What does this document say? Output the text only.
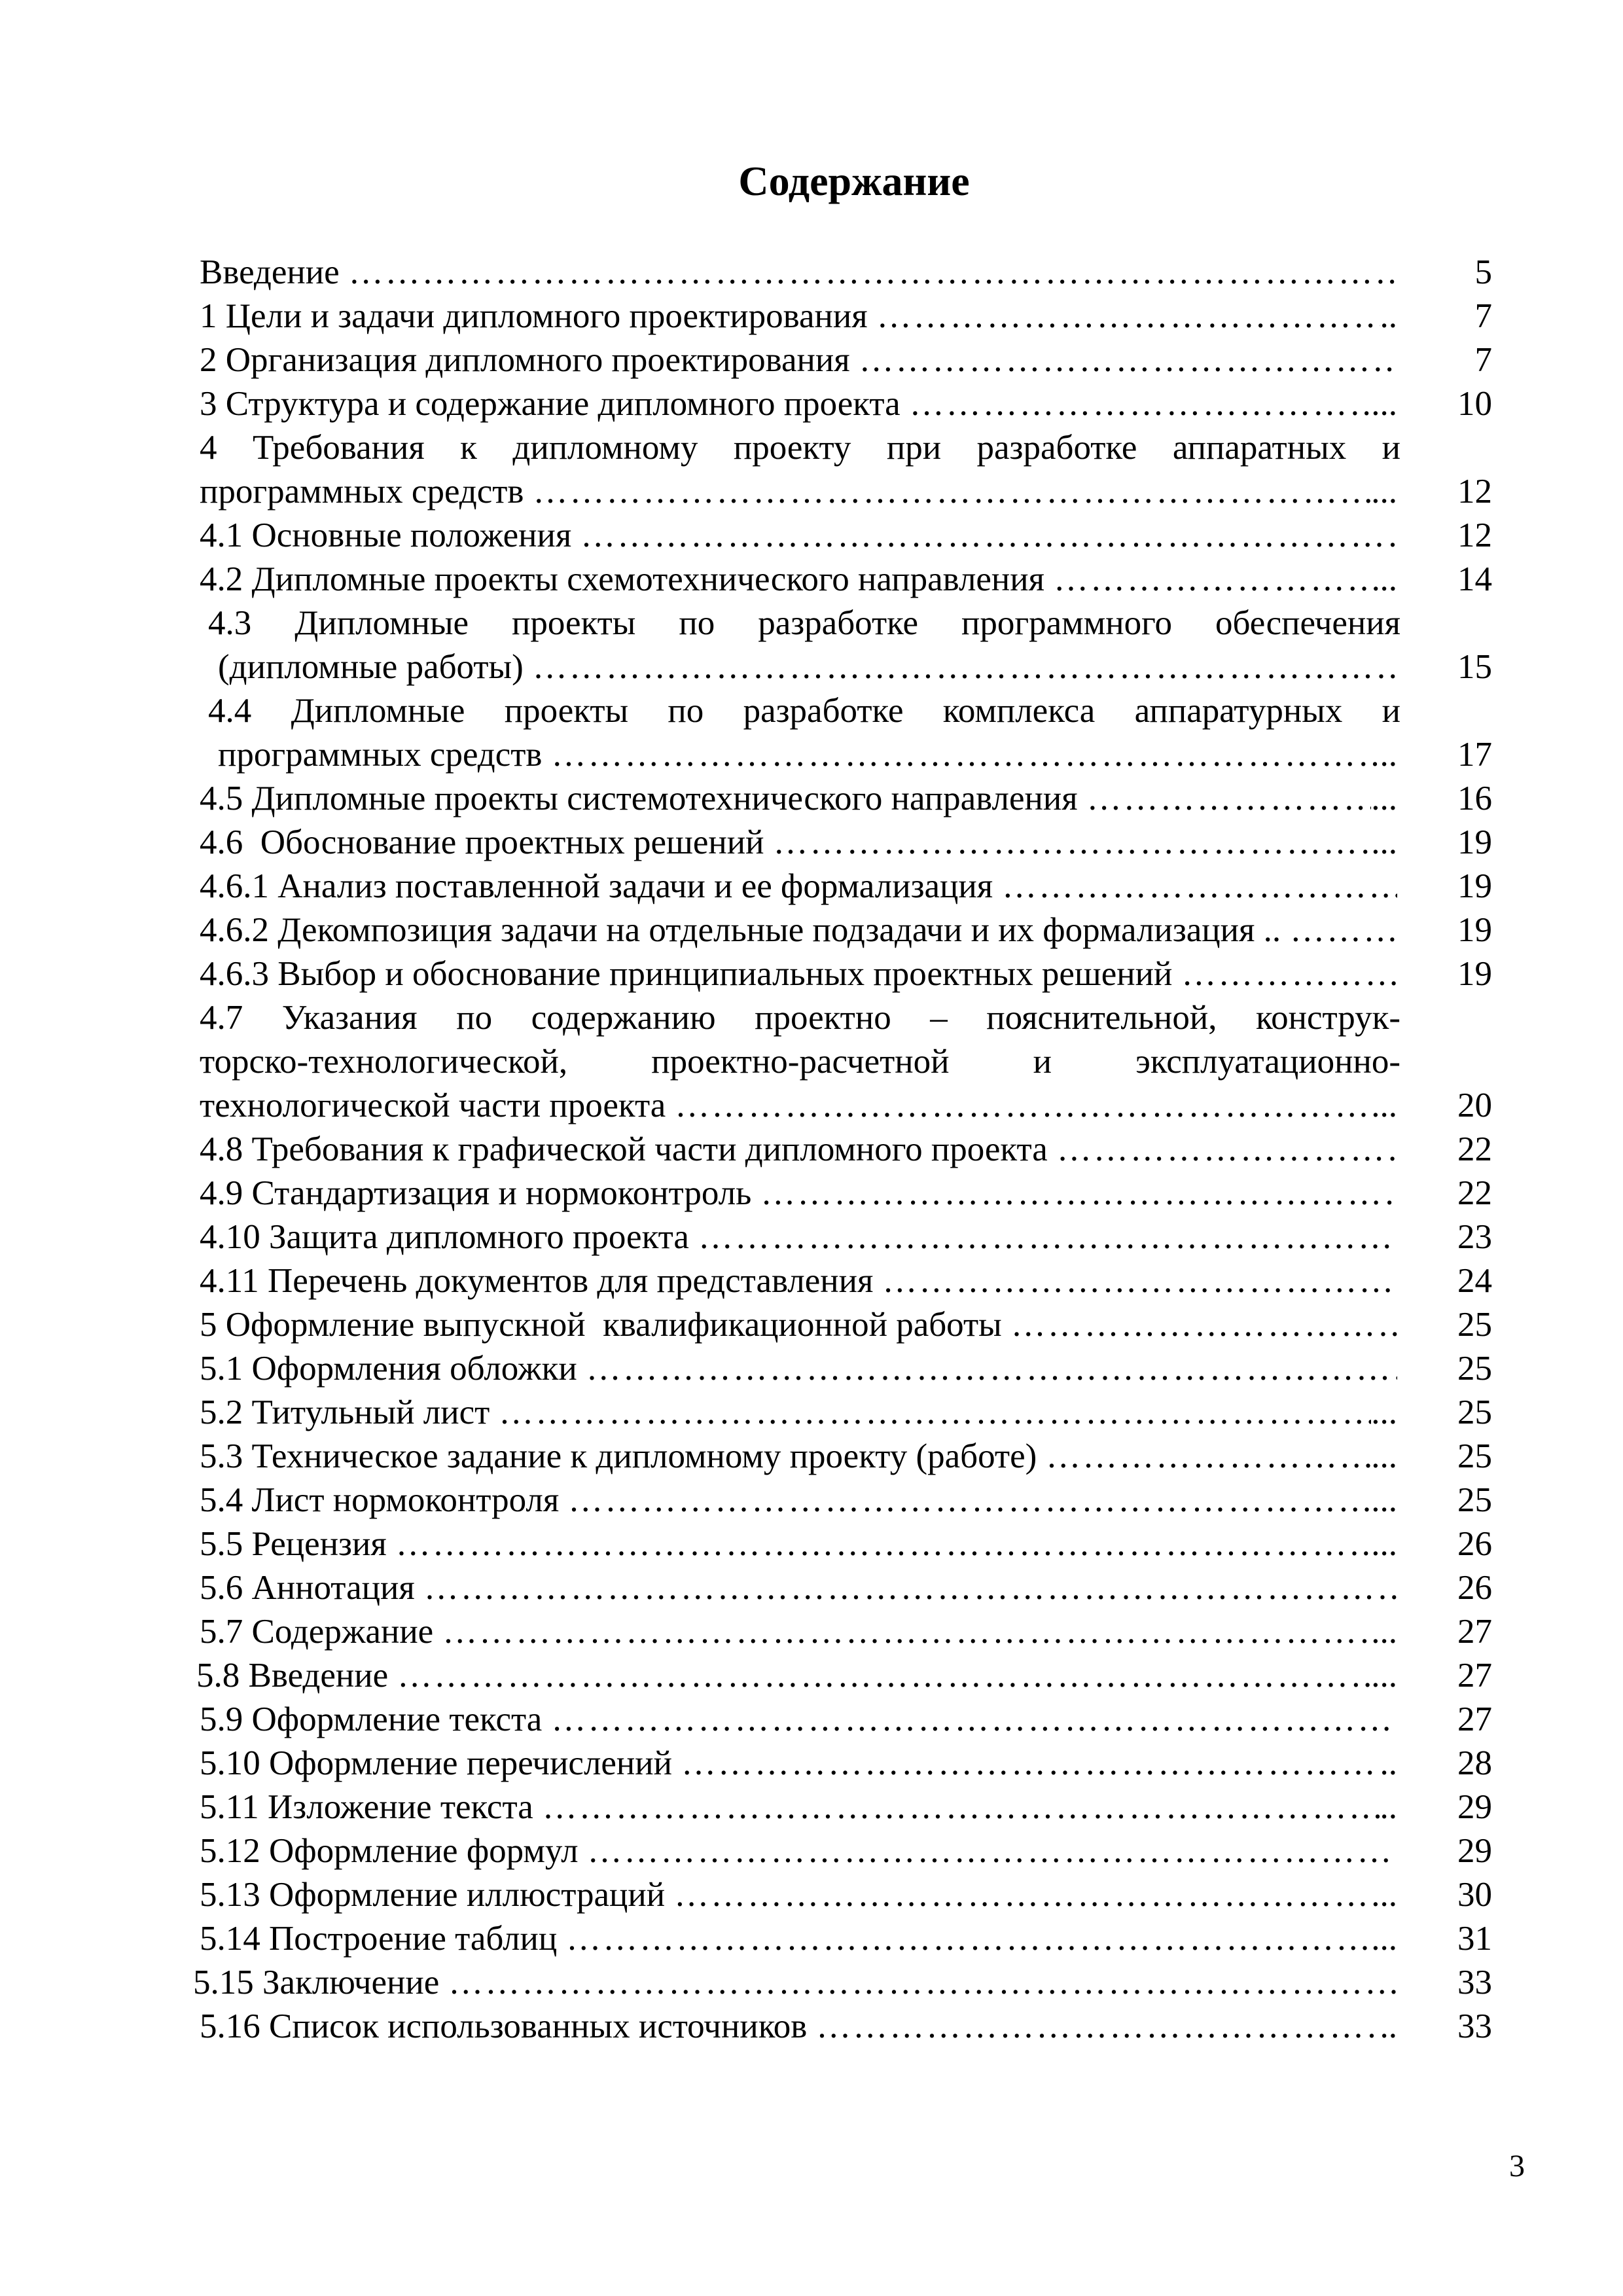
Содержание
Введение …………………………………………………………………………………………………………………………………………………………………………	5
1 Цели и задачи дипломного проектирования …………………………………………………………………………………………………………………………………………………………………………	..	7
2 Организация дипломного проектирования …………………………………………………………………………………………………………………………………………………………………………	7
3 Структура и содержание дипломного проекта …………………………………………………………………………………………………………………………………………………………………………	...	10
4 Требования к дипломному проекту при разработке аппаратных и
программных средств …………………………………………………………………………………………………………………………………………………………………………	...	12
4.1 Основные положения …………………………………………………………………………………………………………………………………………………………………………	12
4.2 Дипломные проекты схемотехнического направления …………………………………………………………………………………………………………………………………………………………………………	..	14
4.3 Дипломные проекты по разработке программного обеспечения
(дипломные работы) …………………………………………………………………………………………………………………………………………………………………………	15
4.4 Дипломные проекты по разработке комплекса аппаратурных и
программных средств …………………………………………………………………………………………………………………………………………………………………………	..	17
4.5 Дипломные проекты системотехнического направления …………………………………………………………………………………………………………………………………………………………………………	...	16
4.6  Обоснование проектных решений …………………………………………………………………………………………………………………………………………………………………………	...	19
4.6.1 Анализ поставленной задачи и ее формализация …………………………………………………………………………………………………………………………………………………………………………	19
4.6.2 Декомпозиция задачи на отдельные подзадачи и их формализация .. …………………………………………………………………………………………………………………………………………………………………………	19
4.6.3 Выбор и обоснование принципиальных проектных решений …………………………………………………………………………………………………………………………………………………………………………	19
4.7 Указания по содержанию проектно – пояснительной, конструк-
торско-технологической, проектно-расчетной и эксплуатационно-
технологической части проекта …………………………………………………………………………………………………………………………………………………………………………	...	20
4.8 Требования к графической части дипломного проекта …………………………………………………………………………………………………………………………………………………………………………	22
4.9 Стандартизация и нормоконтроль …………………………………………………………………………………………………………………………………………………………………………	22
4.10 Защита дипломного проекта …………………………………………………………………………………………………………………………………………………………………………	23
4.11 Перечень документов для представления …………………………………………………………………………………………………………………………………………………………………………	24
5 Оформление выпускной  квалификационной работы …………………………………………………………………………………………………………………………………………………………………………	25
5.1 Оформления обложки …………………………………………………………………………………………………………………………………………………………………………	25
5.2 Титульный лист …………………………………………………………………………………………………………………………………………………………………………	...	25
5.3 Техническое задание к дипломному проекту (работе) …………………………………………………………………………………………………………………………………………………………………………	...	25
5.4 Лист нормоконтроля …………………………………………………………………………………………………………………………………………………………………………	...	25
5.5 Рецензия …………………………………………………………………………………………………………………………………………………………………………	...	26
5.6 Аннотация …………………………………………………………………………………………………………………………………………………………………………	26
5.7 Содержание …………………………………………………………………………………………………………………………………………………………………………	...	27
5.8 Введение …………………………………………………………………………………………………………………………………………………………………………	...	27
5.9 Оформление текста …………………………………………………………………………………………………………………………………………………………………………	27
5.10 Оформление перечислений …………………………………………………………………………………………………………………………………………………………………………	..	28
5.11 Изложение текста …………………………………………………………………………………………………………………………………………………………………………	..	29
5.12 Оформление формул …………………………………………………………………………………………………………………………………………………………………………	29
5.13 Оформление иллюстраций …………………………………………………………………………………………………………………………………………………………………………	...	30
5.14 Построение таблиц …………………………………………………………………………………………………………………………………………………………………………	...	31
5.15 Заключение …………………………………………………………………………………………………………………………………………………………………………	33
5.16 Список использованных источников …………………………………………………………………………………………………………………………………………………………………………	..	33
3
